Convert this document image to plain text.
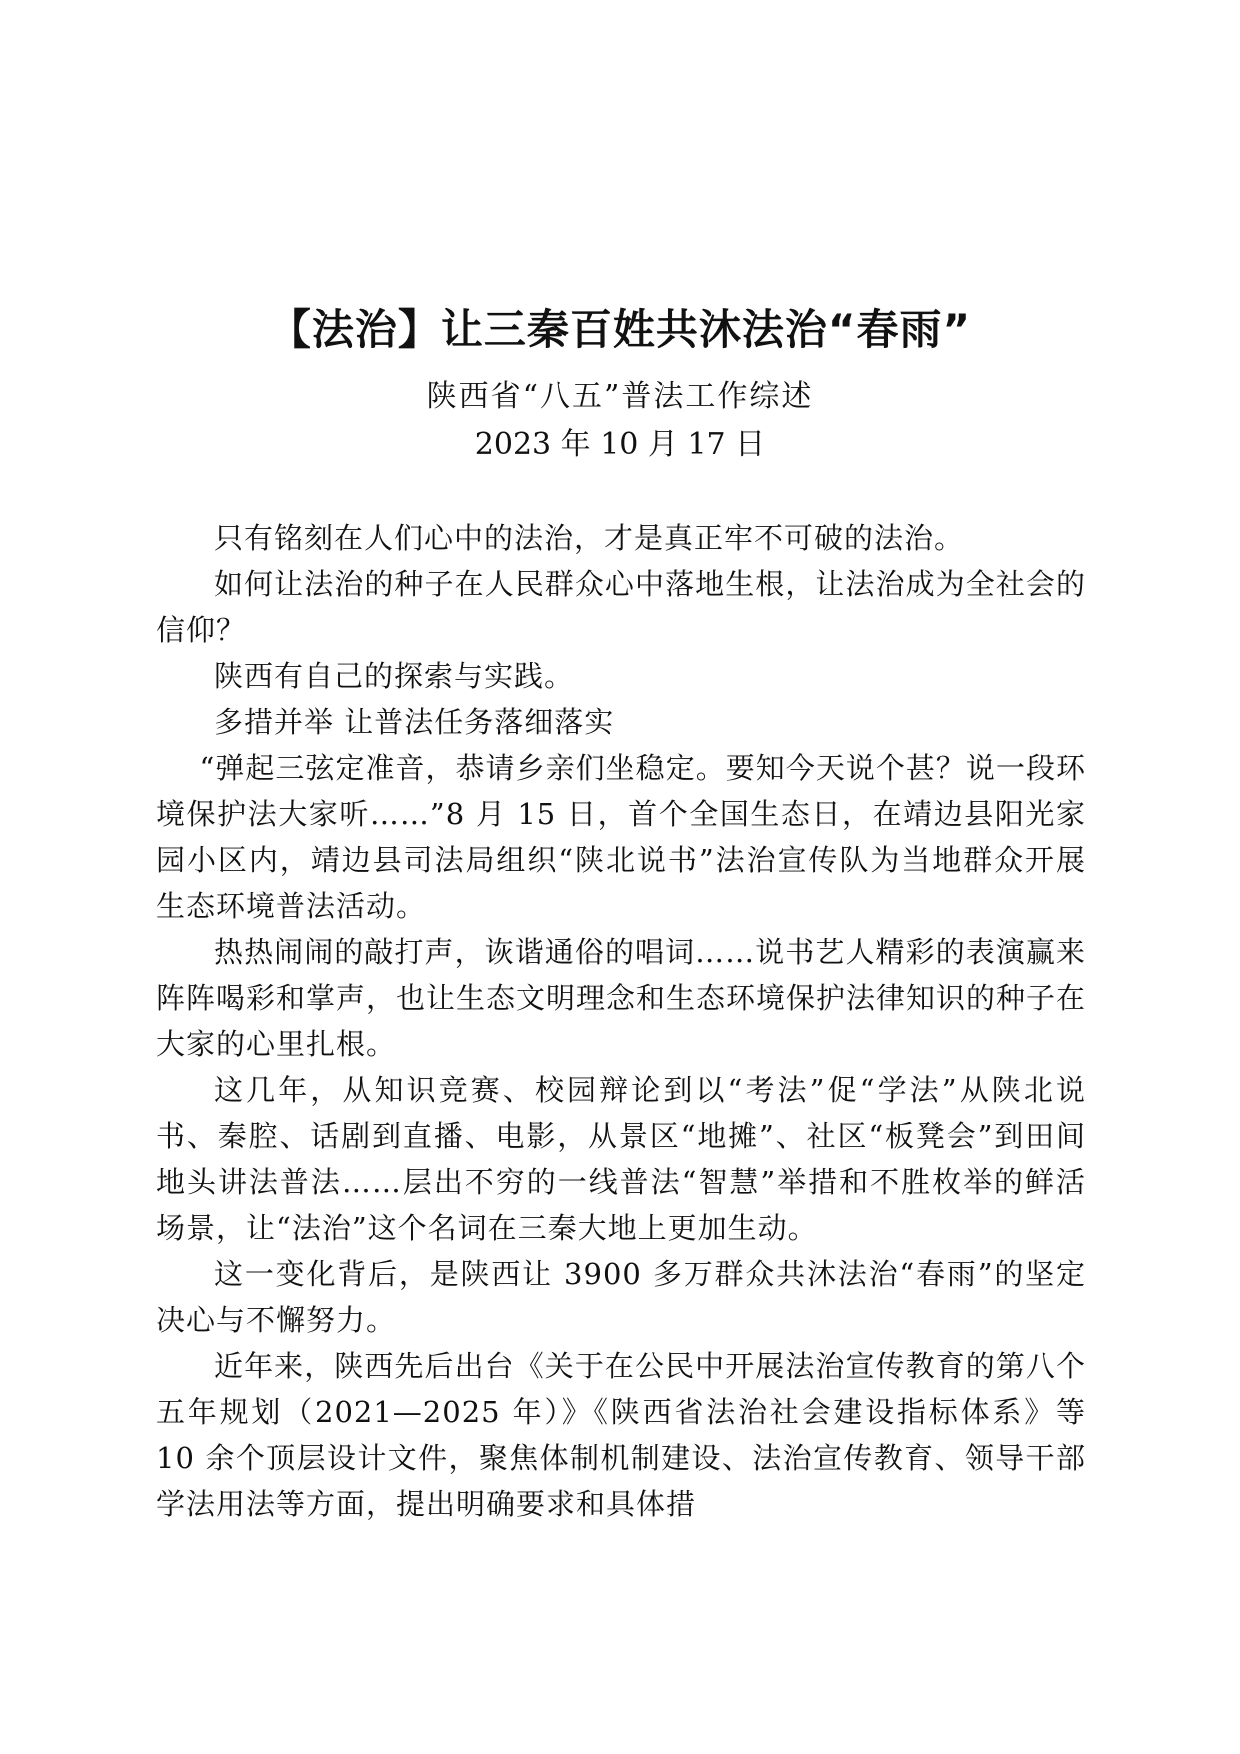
【法治】让三秦百姓共沐法治“春雨”
陕西省“八五”普法工作综述
2023 年 10 月 17 日

只有铭刻在人们心中的法治，才是真正牢不可破的法治。

如何让法治的种子在人民群众心中落地生根，让法治成为全社会的信仰？

陕西有自己的探索与实践。

多措并举 让普法任务落细落实

“弹起三弦定准音，恭请乡亲们坐稳定。要知今天说个甚？说一段环境保护法大家听……”8 月 15 日，首个全国生态日，在靖边县阳光家园小区内，靖边县司法局组织“陕北说书”法治宣传队为当地群众开展生态环境普法活动。

热热闹闹的敲打声，诙谐通俗的唱词……说书艺人精彩的表演赢来阵阵喝彩和掌声，也让生态文明理念和生态环境保护法律知识的种子在大家的心里扎根。

这几年，从知识竞赛、校园辩论到以“考法”促“学法”从陕北说书、秦腔、话剧到直播、电影，从景区“地摊”、社区“板凳会”到田间地头讲法普法……层出不穷的一线普法“智慧”举措和不胜枚举的鲜活场景，让“法治”这个名词在三秦大地上更加生动。

这一变化背后，是陕西让 3900 多万群众共沐法治“春雨”的坚定决心与不懈努力。

近年来，陕西先后出台《关于在公民中开展法治宣传教育的第八个五年规划（2021—2025 年）》《陕西省法治社会建设指标体系》等 10 余个顶层设计文件，聚焦体制机制建设、法治宣传教育、领导干部学法用法等方面，提出明确要求和具体措
